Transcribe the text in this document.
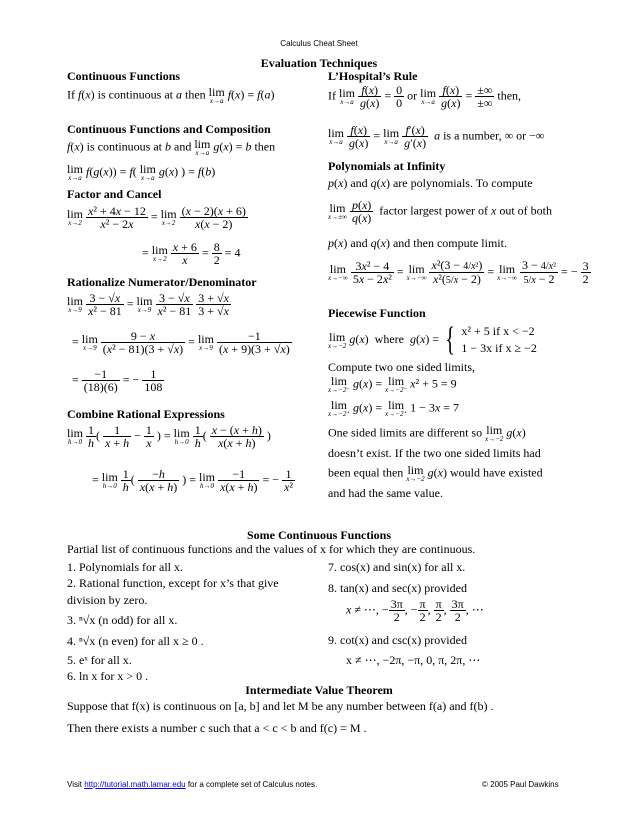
Calculus Cheat Sheet
Evaluation Techniques
Continuous Functions
If f(x) is continuous at a then lim
x→a f(x) = f(a)
Continuous Functions and Composition
f(x) is continuous at b and lim
x→a g(x) = b then
lim
x→a f(g(x)) = f( lim
x→a g(x) ) = f(b)
Factor and Cancel
lim
x→2
$\frac{\text{x² + 4x − 12}}{\text{x² − 2x}} = \lim$
x→2
$\frac{(x - 2)(x + 6)}{x(x - 2)}$
= lim
x→2
$\frac{x + 6}{x} = \frac{8}{2} = 4$
Rationalize Numerator/Denominator
lim
x→9
$\frac{3 - √x}{\text{x² − 81}} = \lim$
x→9
$\frac{3 - √x}{\text{x² − 81}}$
$\frac{3 + √x}{3 + √x}$
= lim
x→9
$\frac{9 - x}{\text{(x² − 81)(3 + √x)}} = \lim$
x→9
$\frac{-1}{(x + 9)(3 + √x)}$
= $\frac{-1}{(18)(6)}$ = − $\frac{1}{108}$
Combine Rational Expressions
lim
h→0
$\frac{1}{h}$ ( $\frac{1}{x + h} - \frac{1}{x}$ ) = lim
h→0
$\frac{1}{h}$ ( $\frac{x - (x + h)}{x(x + h)}$ )
= lim
h→0
$\frac{1}{h}$ ( $\frac{-h}{x(x + h)}$ ) = lim
h→0
$\frac{-1}{x(x + h)}$ = − $\frac{1}{\text{x²}}$
L’Hospital’s Rule
If lim
x→a
$\frac{f(x)}{g(x)} = \frac{0}{0}$ or lim
x→a
$\frac{f(x)}{g(x)} = \frac{\pm\infty}{\pm\infty}$ then,
lim
x→a
$\frac{f(x)}{g(x)} = \lim$
x→a
$\frac{f'(x)}{g'(x)}$ a is a number, ∞ or −∞
Polynomials at Infinity
p(x) and q(x) are polynomials. To compute
lim
x→±∞
$\frac{p(x)}{q(x)}$ factor largest power of x out of both
p(x) and q(x) and then compute limit.
lim
x→−∞
$\frac{\text{3x² − 4}}{\text{5x − 2x²}} = \lim$
x→−∞
$\frac{\text{x²(3 − 4/x²)}}{\text{x²(5/x − 2)}} = \lim$
x→−∞
$\frac{\text{3 − 4/x²}}{5/x - 2}$ = − $\frac{3}{2}$
Piecewise Function
lim
x→−2 g(x)  where  g(x) = { x² + 5 if x < −2
1 − 3x if x ≥ −2
Compute two one sided limits,
lim
x→−2⁻ g(x) = lim
x→−2⁻ x² + 5 = 9
lim
x→−2⁺ g(x) = lim
x→−2⁺ 1 − 3x = 7
One sided limits are different so lim
x→−2 g(x)
doesn’t exist. If the two one sided limits had
been equal then lim
x→−2 g(x) would have existed
and had the same value.
Some Continuous Functions
Partial list of continuous functions and the values of x for which they are continuous.
1. Polynomials for all x.
2. Rational function, except for x’s that give
division by zero.
3. ⁿ√x (n odd) for all x.
4. ⁿ√x (n even) for all x ≥ 0 .
5. eˣ for all x.
6. ln x for x > 0 .
7. cos(x) and sin(x) for all x.
8. tan(x) and sec(x) provided
x ≠ ⋯, − $\frac{3\pi}{2}$ , − $\frac{\pi}{2}$ , $\frac{\pi}{2}$ , $\frac{3\pi}{2}$ , ⋯
9. cot(x) and csc(x) provided
x ≠ ⋯, −2π, −π, 0, π, 2π, ⋯
Intermediate Value Theorem
Suppose that f(x) is continuous on [a, b] and let M be any number between f(a) and f(b) .
Then there exists a number c such that a < c < b and f(c) = M .
Visit http://tutorial.math.lamar.edu for a complete set of Calculus notes.	© 2005 Paul Dawkins
